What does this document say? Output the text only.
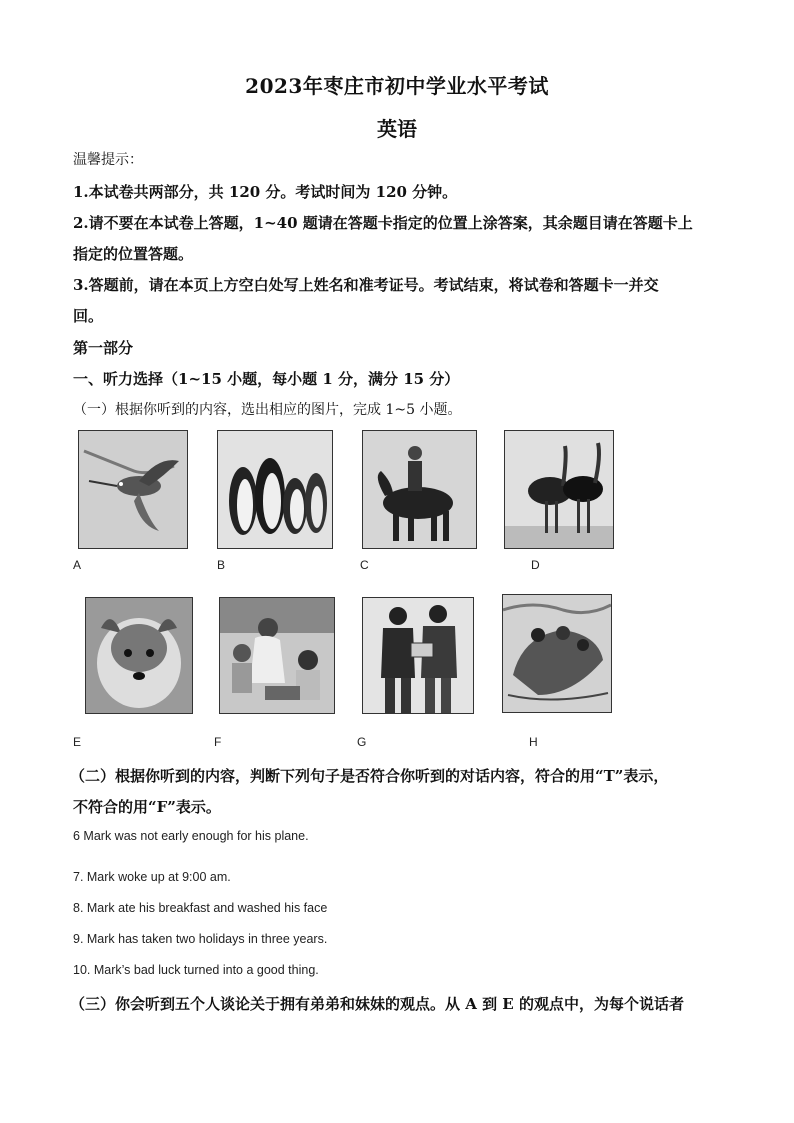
2023年枣庄市初中学业水平考试
英语
温馨提示：
1.本试卷共两部分，共 120 分。考试时间为 120 分钟。
2.请不要在本试卷上答题，1~40 题请在答题卡指定的位置上涂答案，其余题目请在答题卡上
指定的位置答题。
3.答题前，请在本页上方空白处写上姓名和准考证号。考试结束，将试卷和答题卡一并交
回。
第一部分
一、听力选择（1~15 小题，每小题 1 分，满分 15 分）
（一）根据你听到的内容，选出相应的图片，完成 1~5 小题。
A	B	C	D
E	F	G	H
（二）根据你听到的内容，判断下列句子是否符合你听到的对话内容，符合的用“T”表示，
不符合的用“F”表示。
6 Mark was not early enough for his plane.
7. Mark woke up at 9:00 am.
8. Mark ate his breakfast and washed his face
9. Mark has taken two holidays in three years.
10. Mark’s bad luck turned into a good thing.
（三）你会听到五个人谈论关于拥有弟弟和妹妹的观点。从 A 到 E 的观点中，为每个说话者
